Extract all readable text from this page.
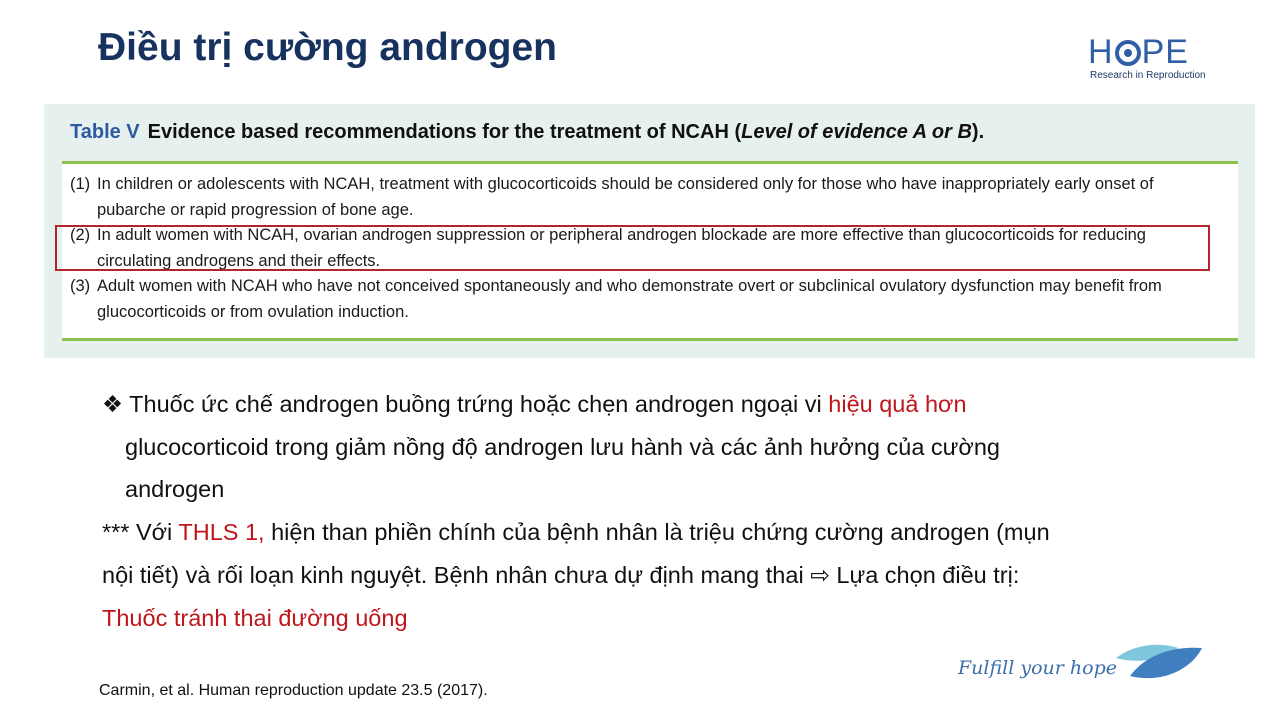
Điều trị cường androgen	H PE
Research in Reproduction
Table V Evidence based recommendations for the treatment of NCAH (Level of evidence A or B).
(1) In children or adolescents with NCAH, treatment with glucocorticoids should be considered only for those who have inappropriately early onset of
pubarche or rapid progression of bone age.
(2) In adult women with NCAH, ovarian androgen suppression or peripheral androgen blockade are more effective than glucocorticoids for reducing
circulating androgens and their effects.
(3) Adult women with NCAH who have not conceived spontaneously and who demonstrate overt or subclinical ovulatory dysfunction may benefit from
glucocorticoids or from ovulation induction.
❖ Thuốc ức chế androgen buồng trứng hoặc chẹn androgen ngoại vi hiệu quả hơn
glucocorticoid trong giảm nồng độ androgen lưu hành và các ảnh hưởng của cường
androgen
*** Với THLS 1, hiện than phiền chính của bệnh nhân là triệu chứng cường androgen (mụn
nội tiết) và rối loạn kinh nguyệt. Bệnh nhân chưa dự định mang thai ⇨ Lựa chọn điều trị:
Thuốc tránh thai đường uống
Carmin, et al. Human reproduction update 23.5 (2017).
Fulfill your hope
